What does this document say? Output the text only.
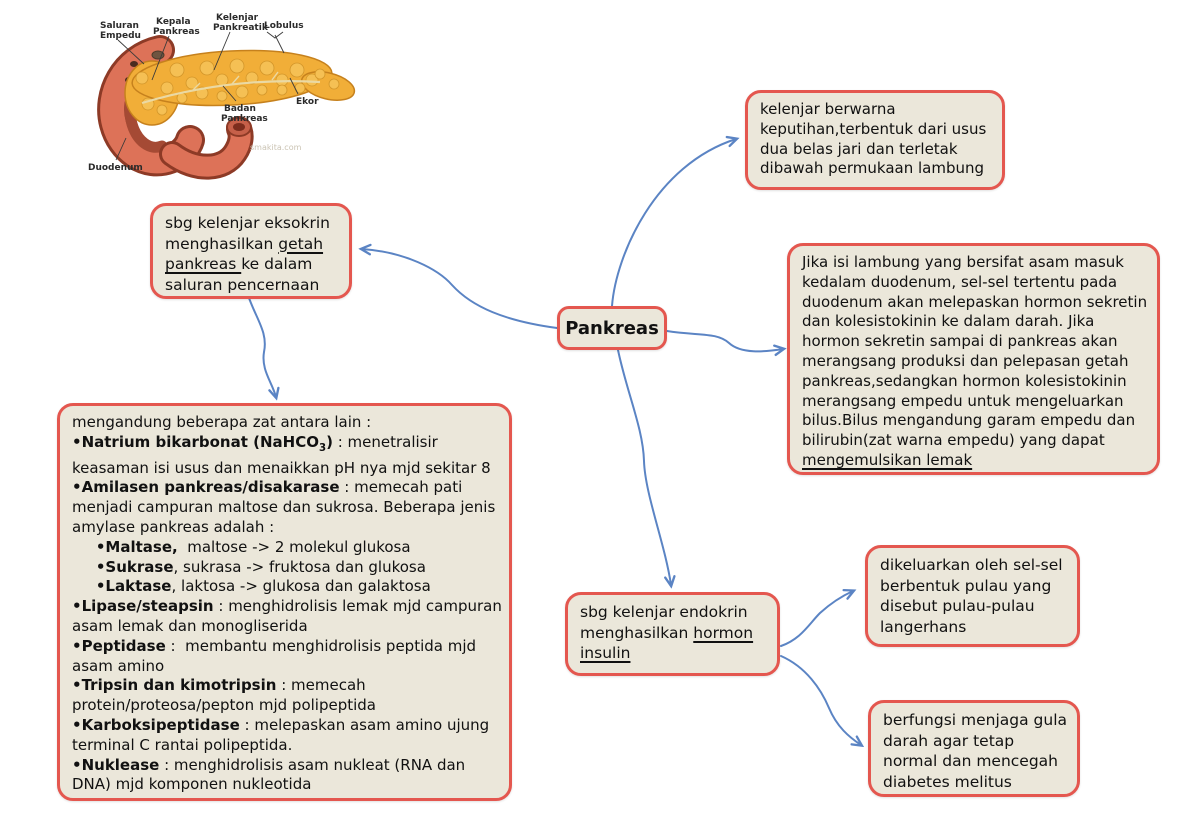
Saluran
Empedu
Kepala
Pankreas
Kelenjar
Pankreatik
Lobulus
Ekor
Badan
Pankreas
Duodenum
smakita.com
Pankreas
kelenjar berwarna
keputihan,terbentuk dari usus
dua belas jari dan terletak
dibawah permukaan lambung
sbg kelenjar eksokrin
menghasilkan getah
pankreas ke dalam
saluran pencernaan
Jika isi lambung yang bersifat asam masuk
kedalam duodenum, sel-sel tertentu pada
duodenum akan melepaskan hormon sekretin
dan kolesistokinin ke dalam darah. Jika
hormon sekretin sampai di pankreas akan
merangsang produksi dan pelepasan getah
pankreas,sedangkan hormon kolesistokinin
merangsang empedu untuk mengeluarkan
bilus.Bilus mengandung garam empedu dan
bilirubin(zat warna empedu) yang dapat
mengemulsikan lemak
mengandung beberapa zat antara lain :
•Natrium bikarbonat (NaHCO$_3$) : menetralisir
keasaman isi usus dan menaikkan pH nya mjd sekitar 8
•Amilasen pankreas/disakarase : memecah pati
menjadi campuran maltose dan sukrosa. Beberapa jenis
amylase pankreas adalah :
•Maltase,  maltose -> 2 molekul glukosa
•Sukrase, sukrasa -> fruktosa dan glukosa
•Laktase, laktosa -> glukosa dan galaktosa
•Lipase/steapsin : menghidrolisis lemak mjd campuran
asam lemak dan monogliserida
•Peptidase :  membantu menghidrolisis peptida mjd
asam amino
•Tripsin dan kimotripsin : memecah
protein/proteosa/pepton mjd polipeptida
•Karboksipeptidase : melepaskan asam amino ujung
terminal C rantai polipeptida.
•Nuklease : menghidrolisis asam nukleat (RNA dan
DNA) mjd komponen nukleotida
sbg kelenjar endokrin
menghasilkan hormon
insulin
dikeluarkan oleh sel-sel
berbentuk pulau yang
disebut pulau-pulau
langerhans
berfungsi menjaga gula
darah agar tetap
normal dan mencegah
diabetes melitus
